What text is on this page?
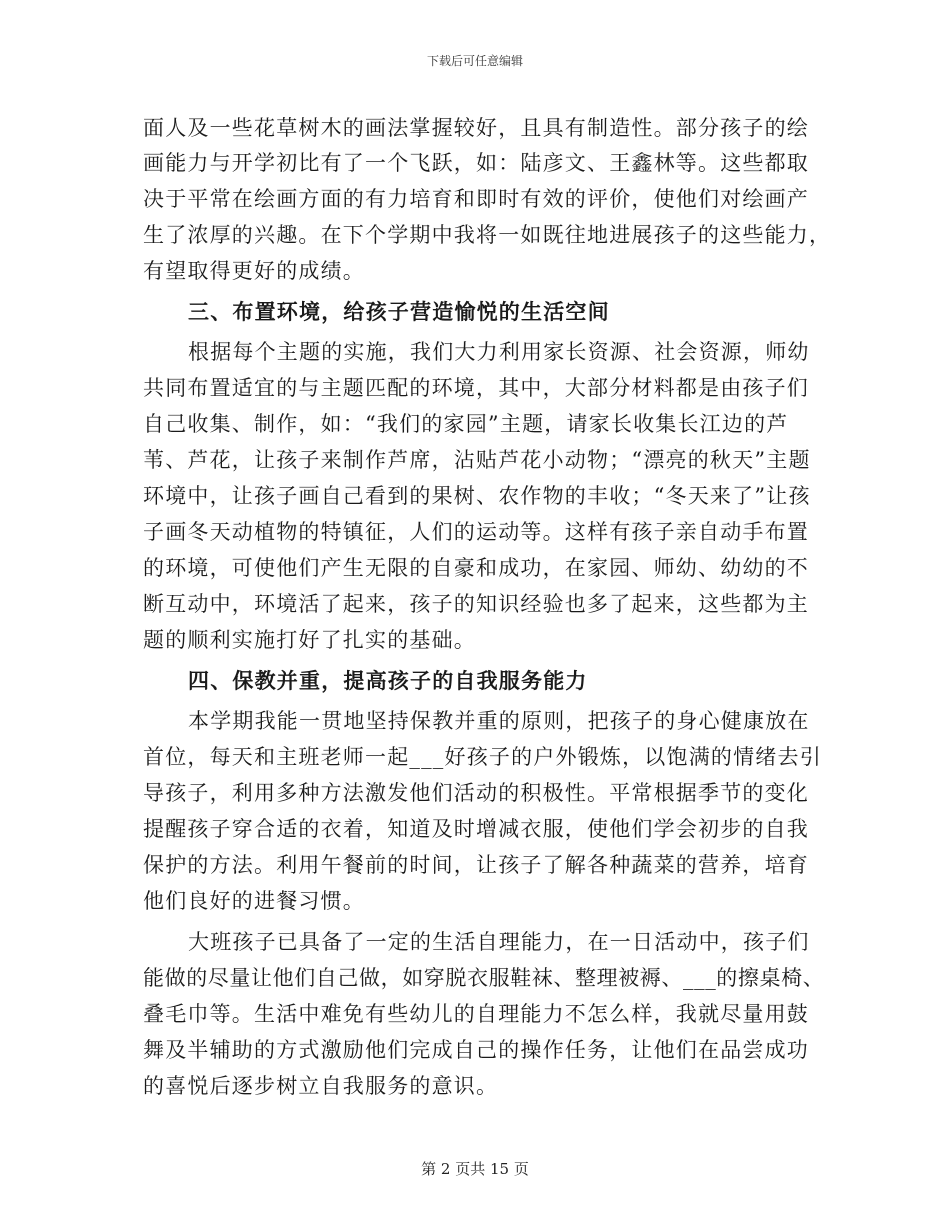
下载后可任意编辑
面人及一些花草树木的画法掌握较好，且具有制造性。部分孩子的绘
画能力与开学初比有了一个飞跃，如：陆彦文、王鑫林等。这些都取
决于平常在绘画方面的有力培育和即时有效的评价，使他们对绘画产
生了浓厚的兴趣。在下个学期中我将一如既往地进展孩子的这些能力，
有望取得更好的成绩。
三、布置环境，给孩子营造愉悦的生活空间
根据每个主题的实施，我们大力利用家长资源、社会资源，师幼
共同布置适宜的与主题匹配的环境，其中，大部分材料都是由孩子们
自己收集、制作，如：“我们的家园”主题，请家长收集长江边的芦
苇、芦花，让孩子来制作芦席，沾贴芦花小动物；“漂亮的秋天”主题
环境中，让孩子画自己看到的果树、农作物的丰收；“冬天来了”让孩
子画冬天动植物的特镇征，人们的运动等。这样有孩子亲自动手布置
的环境，可使他们产生无限的自豪和成功，在家园、师幼、幼幼的不
断互动中，环境活了起来，孩子的知识经验也多了起来，这些都为主
题的顺利实施打好了扎实的基础。
四、保教并重，提高孩子的自我服务能力
本学期我能一贯地坚持保教并重的原则，把孩子的身心健康放在
首位，每天和主班老师一起___好孩子的户外锻炼，以饱满的情绪去引
导孩子，利用多种方法激发他们活动的积极性。平常根据季节的变化
提醒孩子穿合适的衣着，知道及时增减衣服，使他们学会初步的自我
保护的方法。利用午餐前的时间，让孩子了解各种蔬菜的营养，培育
他们良好的进餐习惯。
大班孩子已具备了一定的生活自理能力，在一日活动中，孩子们
能做的尽量让他们自己做，如穿脱衣服鞋袜、整理被褥、___的擦桌椅、
叠毛巾等。生活中难免有些幼儿的自理能力不怎么样，我就尽量用鼓
舞及半辅助的方式激励他们完成自己的操作任务，让他们在品尝成功
的喜悦后逐步树立自我服务的意识。
第 2 页共 15 页
